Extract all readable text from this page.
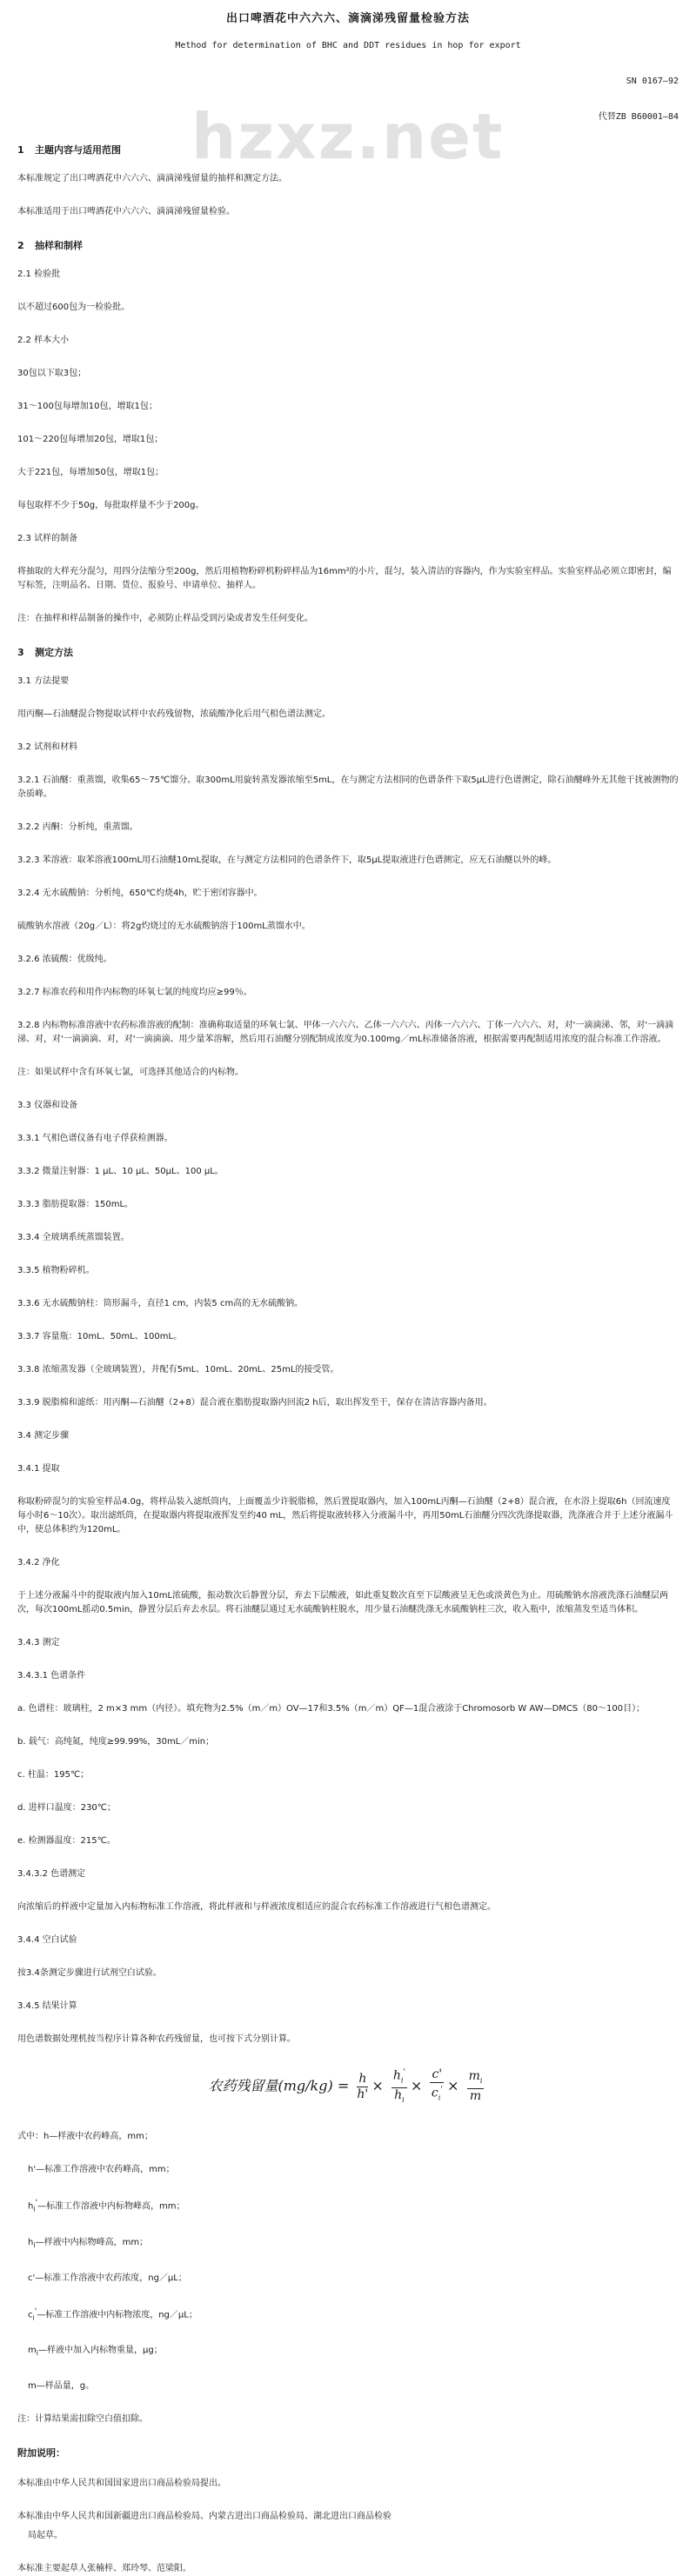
hzxz.net
出口啤酒花中六六六、滴滴涕残留量检验方法
Method for determination of BHC and DDT residues in hop for export
SN 0167—92
代替ZB B60001—84
1 主题内容与适用范围

本标准规定了出口啤酒花中六六六、滴滴涕残留量的抽样和测定方法。

本标准适用于出口啤酒花中六六六、滴滴涕残留量检验。

2 抽样和制样

2.1 检验批

以不超过600包为一检验批。

2.2 样本大小

30包以下取3包；

31～100包每增加10包，增取1包；

101～220包每增加20包，增取1包；

大于221包，每增加50包，增取1包；

每包取样不少于50g，每批取样量不少于200g。

2.3 试样的制备

将抽取的大样充分混匀，用四分法缩分至200g，然后用植物粉碎机粉碎样品为16mm²的小片，混匀，装入清洁的容器内，作为实验室样品。实验室样品必须立即密封，编写标签，注明品名、日期、货位、报验号、申请单位、抽样人。

注：在抽样和样品制备的操作中，必须防止样品受到污染或者发生任何变化。

3 测定方法

3.1 方法提要

用丙酮—石油醚混合物提取试样中农药残留物，浓硫酸净化后用气相色谱法测定。

3.2 试剂和材料

3.2.1 石油醚：重蒸馏，收集65～75℃馏分。取300mL用旋转蒸发器浓缩至5mL，在与测定方法相同的色谱条件下取5μL进行色谱测定，除石油醚峰外无其他干扰被测物的杂质峰。

3.2.2 丙酮：分析纯，重蒸馏。

3.2.3 苯溶液：取苯溶液100mL用石油醚10mL提取，在与测定方法相同的色谱条件下，取5μL提取液进行色谱测定，应无石油醚以外的峰。

3.2.4 无水硫酸钠：分析纯，650℃灼烧4h，贮于密闭容器中。

硫酸钠水溶液（20g／L）：将2g灼烧过的无水硫酸钠溶于100mL蒸馏水中。

3.2.6 浓硫酸：优级纯。

3.2.7 标准农药和用作内标物的环氧七氯的纯度均应≥99％。

3.2.8 内标物标准溶液中农药标准溶液的配制：准确称取适量的环氧七氯、甲体一六六六、乙体一六六六、丙体一六六六、丁体一六六六、对，对'一滴滴涕、邻，对'一滴滴涕、对，对'一滴滴滴、对，对'一滴滴滴、用少量苯溶解，然后用石油醚分别配制成浓度为0.100mg／mL标准储备溶液，根据需要再配制适用浓度的混合标准工作溶液。

注：如果试样中含有环氧七氯，可选择其他适合的内标物。

3.3 仪器和设备

3.3.1 气相色谱仪备有电子俘获检测器。

3.3.2 微量注射器：1 μL、10 μL、50μL、100 μL。

3.3.3 脂肪提取器：150mL。

3.3.4 全玻璃系统蒸馏装置。

3.3.5 植物粉碎机。

3.3.6 无水硫酸钠柱：筒形漏斗，直径1 cm，内装5 cm高的无水硫酸钠。

3.3.7 容量瓶：10mL、50mL、100mL。

3.3.8 浓缩蒸发器（全玻璃装置），并配有5mL、10mL、20mL、25mL的接受管。

3.3.9 脱脂棉和滤纸：用丙酮—石油醚（2+8）混合液在脂肪提取器内回流2 h后，取出挥发至干，保存在清洁容器内备用。

3.4 测定步骤

3.4.1 提取

称取粉碎混匀的实验室样品4.0g，将样品装入滤纸筒内，上面覆盖少许脱脂棉，然后置提取器内，加入100mL丙酮—石油醚（2+8）混合液，在水浴上提取6h（回流速度每小时6～10次）。取出滤纸筒，在提取器内将提取液挥发至约40 mL，然后将提取液转移入分液漏斗中，再用50mL石油醚分四次洗涤提取器，洗涤液合并于上述分液漏斗中，使总体积约为120mL。

3.4.2 净化

于上述分液漏斗中的提取液内加入10mL浓硫酸，振动数次后静置分层，弃去下层酸液，如此重复数次直至下层酸液呈无色或淡黄色为止。用硫酸钠水溶液洗涤石油醚层两次，每次100mL摇动0.5min，静置分层后弃去水层。将石油醚层通过无水硫酸钠柱脱水，用少量石油醚洗涤无水硫酸钠柱三次，收入瓶中，浓缩蒸发至适当体积。

3.4.3 测定

3.4.3.1 色谱条件

a. 色谱柱：玻璃柱，2 m×3 mm（内径）。填充物为2.5%（m／m）OV—17和3.5%（m／m）QF—1混合液涂于Chromosorb W AW—DMCS（80～100目）；

b. 载气：高纯氮，纯度≥99.99%，30mL／min；

c. 柱温：195℃；

d. 进样口温度：230℃；

e. 检测器温度：215℃。

3.4.3.2 色谱测定

向浓缩后的样液中定量加入内标物标准工作溶液，将此样液和与样液浓度相适应的混合农药标准工作溶液进行气相色谱测定。

3.4.4 空白试验

按3.4条测定步骤进行试剂空白试验。

3.4.5 结果计算

用色谱数据处理机按当程序计算各种农药残留量，也可按下式分别计算。

农药残留量$(mg/kg) = \frac{h}{h'} \times \frac{h_i'}{h_i} \times \frac{c'}{c_i'} \times \frac{m_i}{m}$

式中：h—样液中农药峰高，mm；

h'—标准工作溶液中农药峰高，mm；

$h_i'—$标准工作溶液中内标物峰高，mm；

$h_i—$样液中内标物峰高，mm；

c'—标准工作溶液中农药浓度，ng／μL；

$c_i'—$标准工作溶液中内标物浓度，ng／μL；

$m_i—$样液中加入内标物重量，μg；

m—样品量，g。

注：计算结果需扣除空白值扣除。

附加说明：

本标准由中华人民共和国国家进出口商品检验局提出。

本标准由中华人民共和国新疆进出口商品检验局、内蒙古进出口商品检验局、湖北进出口商品检验

局起草。

本标准主要起草人张楠梓、郑玲琴、范梁阳。
